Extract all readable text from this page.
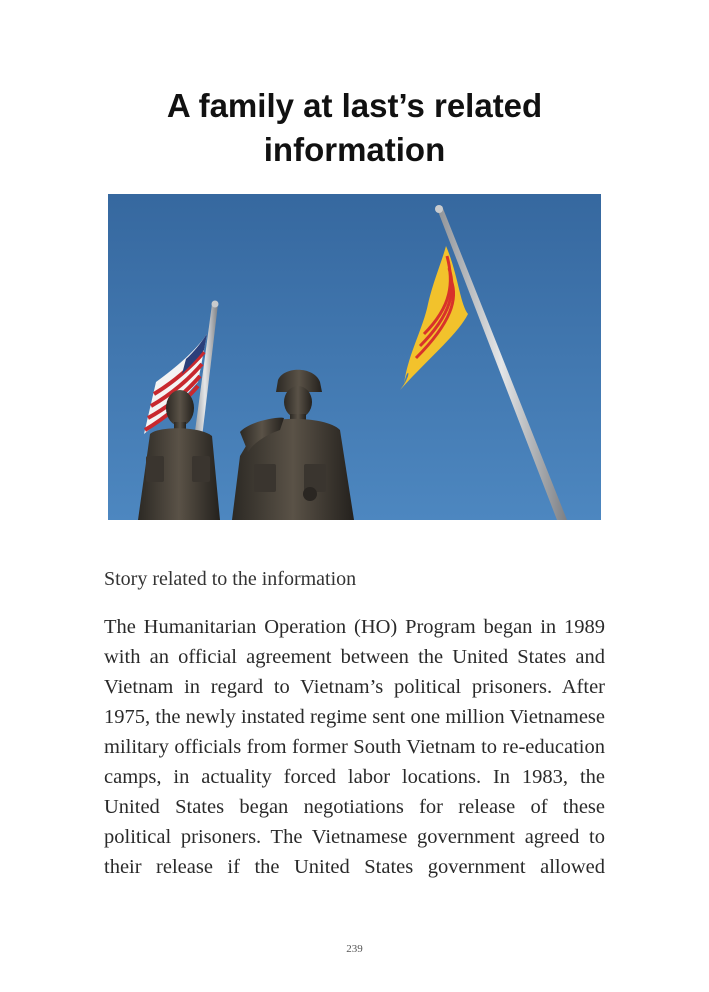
A family at last’s related information

Story related to the information

The Humanitarian Operation (HO) Program began in 1989 with an official agreement between the United States and Vietnam in regard to Vietnam’s political prisoners. After 1975, the newly instated regime sent one million Vietnamese military officials from former South Vietnam to re-education camps, in actuality forced labor locations. In 1983, the United States began negotiations for release of these political prisoners. The Vietnamese government agreed to their release if the United States government allowed

239
